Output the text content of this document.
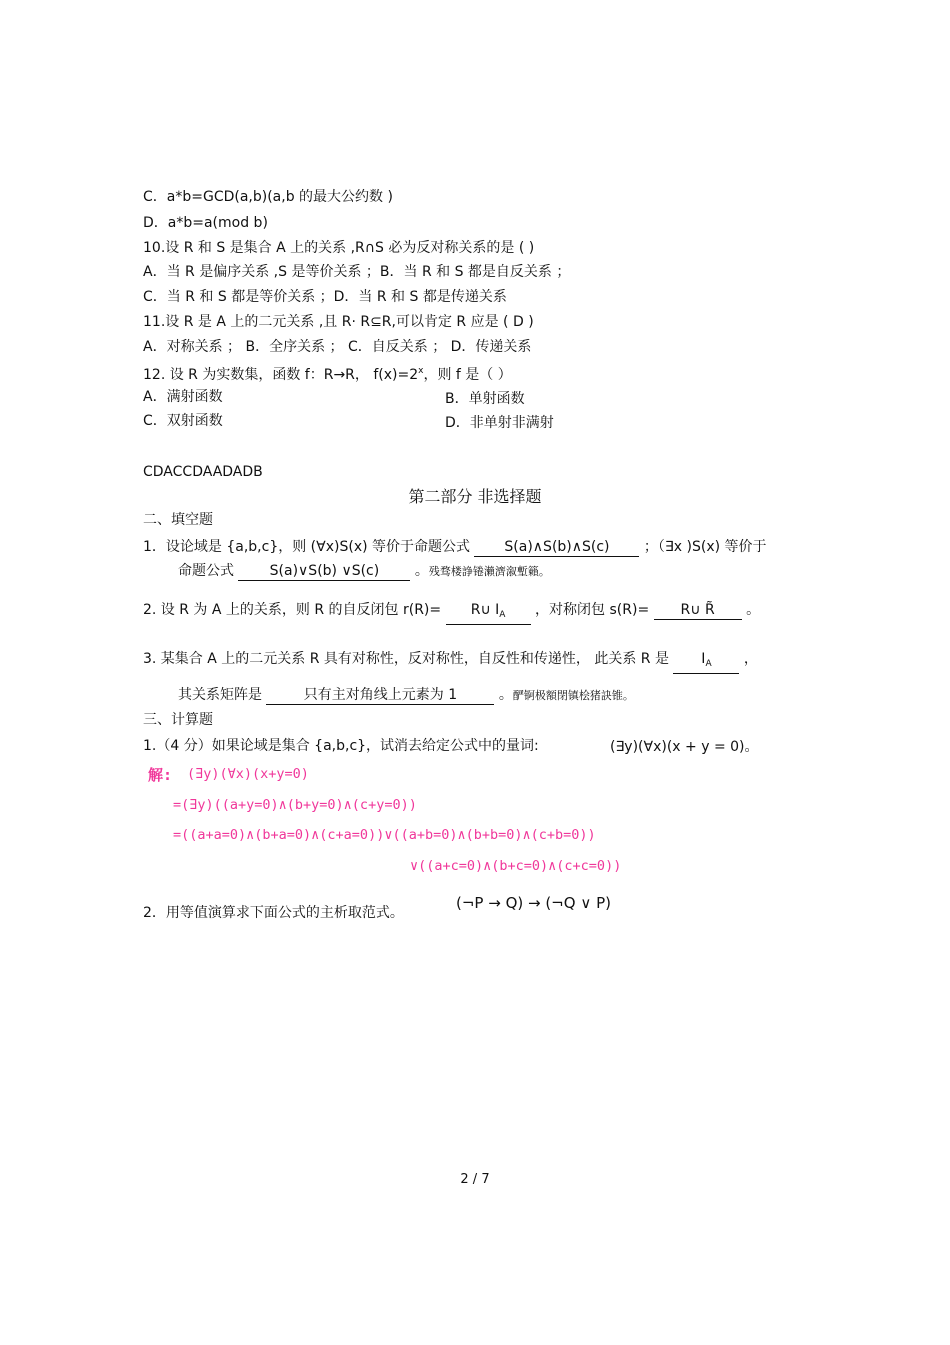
C．a*b=GCD(a,b)(a,b 的最大公约数 )
D．a*b=a(mod b)
10.设 R 和 S 是集合 A 上的关系 ,R∩S 必为反对称关系的是 ( )
A．当 R 是偏序关系 ,S 是等价关系 ；B．当 R 和 S 都是自反关系 ；
C．当 R 和 S 都是等价关系 ；D．当 R 和 S 都是传递关系
11.设 R 是 A 上的二元关系 ,且 R· R⊆R,可以肯定 R 应是 ( D )
A．对称关系 ； B．全序关系 ； C．自反关系 ； D．传递关系
12. 设 R 为实数集，函数 f：R→R， $f(x)=2^x$，则 f 是（ ）
A．满射函数	B．单射函数
C．双射函数	D．非单射非满射
CDACCDAADADB
第二部分 非选择题
二、填空题
1．设论域是 {a,b,c}，则 (∀x)S(x) 等价于命题公式 S(a)∧S(b)∧S(c) ；（∃x )S(x) 等价于
命题公式 S(a)∨S(b) ∨S(c)	。残骛楼諍锩瀨濟溆塹籟。
2. 设 R 为 A 上的关系，则 R 的自反闭包 r(R)= R∪ $I_A$ ，对称闭包 s(R)= R∪ R̃ 。
3. 某集合 A 上的二元关系 R 具有对称性，反对称性，自反性和传递性， 此关系 R 是 $I_A$ ，
其关系矩阵是	只有主对角线上元素为 1	。酽锕极額閉镇桧猪訣锥。
三、计算题
1.（4 分）如果论域是集合 {a,b,c}，试消去给定公式中的量词:	(∃y)(∀x)(x + y = 0)。
解: (∃y)(∀x)(x+y=0)
=(∃y)((a+y=0)∧(b+y=0)∧(c+y=0))
=((a+a=0)∧(b+a=0)∧(c+a=0))∨((a+b=0)∧(b+b=0)∧(c+b=0))
∨((a+c=0)∧(b+c=0)∧(c+c=0))
2．用等值演算求下面公式的主析取范式。
(¬P → Q) → (¬Q ∨ P)
2 / 7
